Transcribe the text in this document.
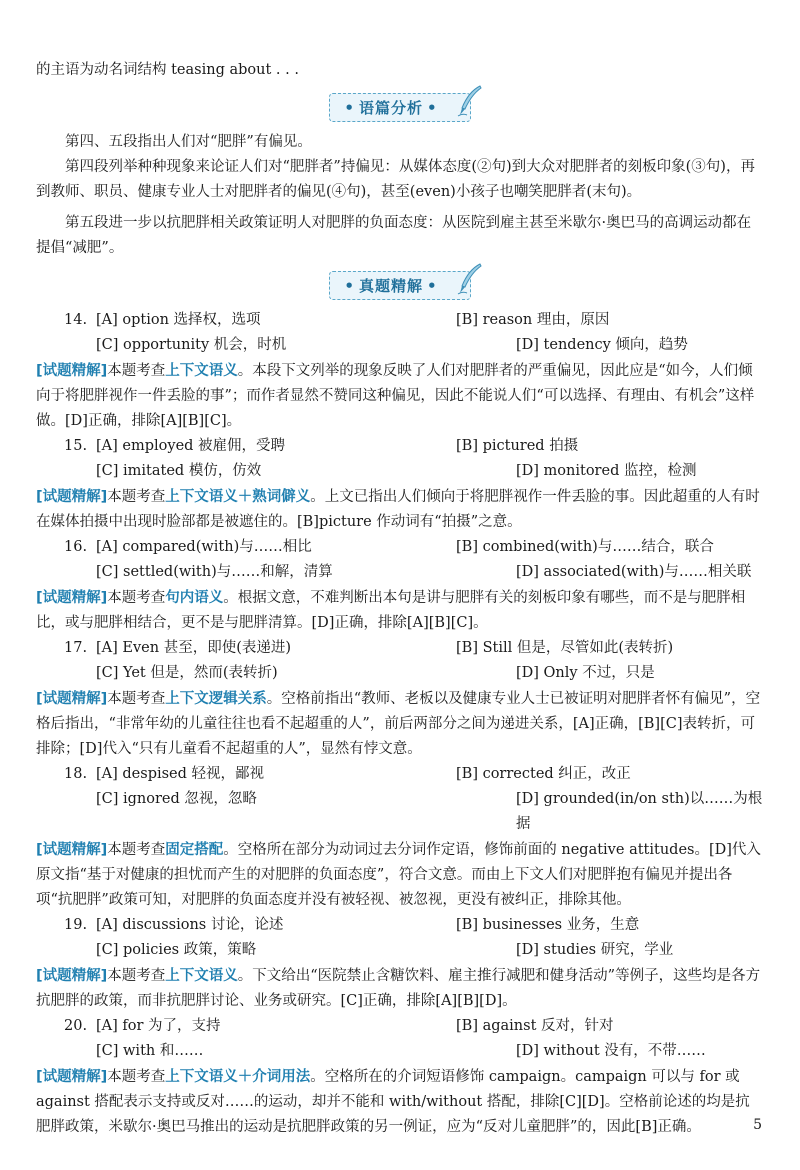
的主语为动名词结构 teasing about . . .

• 语篇分析 •

第四、五段指出人们对“肥胖”有偏见。

第四段列举种种现象来论证人们对“肥胖者”持偏见：从媒体态度(②句)到大众对肥胖者的刻板印象(③句)，再到教师、职员、健康专业人士对肥胖者的偏见(④句)，甚至(even)小孩子也嘲笑肥胖者(末句)。

第五段进一步以抗肥胖相关政策证明人对肥胖的负面态度：从医院到雇主甚至米歇尔·奥巴马的高调运动都在提倡“减肥”。

• 真题精解 •
14. [A] option 选择权，选项	[B] reason 理由，原因
[C] opportunity 机会，时机	[D] tendency 倾向，趋势

[试题精解]本题考查上下文语义。本段下文列举的现象反映了人们对肥胖者的严重偏见，因此应是“如今，人们倾向于将肥胖视作一件丢脸的事”；而作者显然不赞同这种偏见，因此不能说人们“可以选择、有理由、有机会”这样做。[D]正确，排除[A][B][C]。

15. [A] employed 被雇佣，受聘	[B] pictured 拍摄
[C] imitated 模仿，仿效	[D] monitored 监控，检测

[试题精解]本题考查上下文语义＋熟词僻义。上文已指出人们倾向于将肥胖视作一件丢脸的事。因此超重的人有时在媒体拍摄中出现时脸部都是被遮住的。[B]picture 作动词有“拍摄”之意。

16. [A] compared(with)与……相比	[B] combined(with)与……结合，联合
[C] settled(with)与……和解，清算	[D] associated(with)与……相关联

[试题精解]本题考查句内语义。根据文意，不难判断出本句是讲与肥胖有关的刻板印象有哪些，而不是与肥胖相比，或与肥胖相结合，更不是与肥胖清算。[D]正确，排除[A][B][C]。

17. [A] Even 甚至，即使(表递进)	[B] Still 但是，尽管如此(表转折)
[C] Yet 但是，然而(表转折)	[D] Only 不过，只是

[试题精解]本题考查上下文逻辑关系。空格前指出“教师、老板以及健康专业人士已被证明对肥胖者怀有偏见”，空格后指出，“非常年幼的儿童往往也看不起超重的人”，前后两部分之间为递进关系，[A]正确，[B][C]表转折，可排除；[D]代入“只有儿童看不起超重的人”，显然有悖文意。

18. [A] despised 轻视，鄙视	[B] corrected 纠正，改正
[C] ignored 忽视，忽略	[D] grounded(in/on sth)以……为根据

[试题精解]本题考查固定搭配。空格所在部分为动词过去分词作定语，修饰前面的 negative attitudes。[D]代入原文指“基于对健康的担忧而产生的对肥胖的负面态度”，符合文意。而由上下文人们对肥胖抱有偏见并提出各项“抗肥胖”政策可知，对肥胖的负面态度并没有被轻视、被忽视，更没有被纠正，排除其他。

19. [A] discussions 讨论，论述	[B] businesses 业务，生意
[C] policies 政策，策略	[D] studies 研究，学业

[试题精解]本题考查上下文语义。下文给出“医院禁止含糖饮料、雇主推行减肥和健身活动”等例子，这些均是各方抗肥胖的政策，而非抗肥胖讨论、业务或研究。[C]正确，排除[A][B][D]。

20. [A] for 为了，支持	[B] against 反对，针对
[C] with 和……	[D] without 没有，不带……

[试题精解]本题考查上下文语义＋介词用法。空格所在的介词短语修饰 campaign。campaign 可以与 for 或 against 搭配表示支持或反对……的运动，却并不能和 with/without 搭配，排除[C][D]。空格前论述的均是抗肥胖政策，米歇尔·奥巴马推出的运动是抗肥胖政策的另一例证，应为“反对儿童肥胖”的，因此[B]正确。	5
